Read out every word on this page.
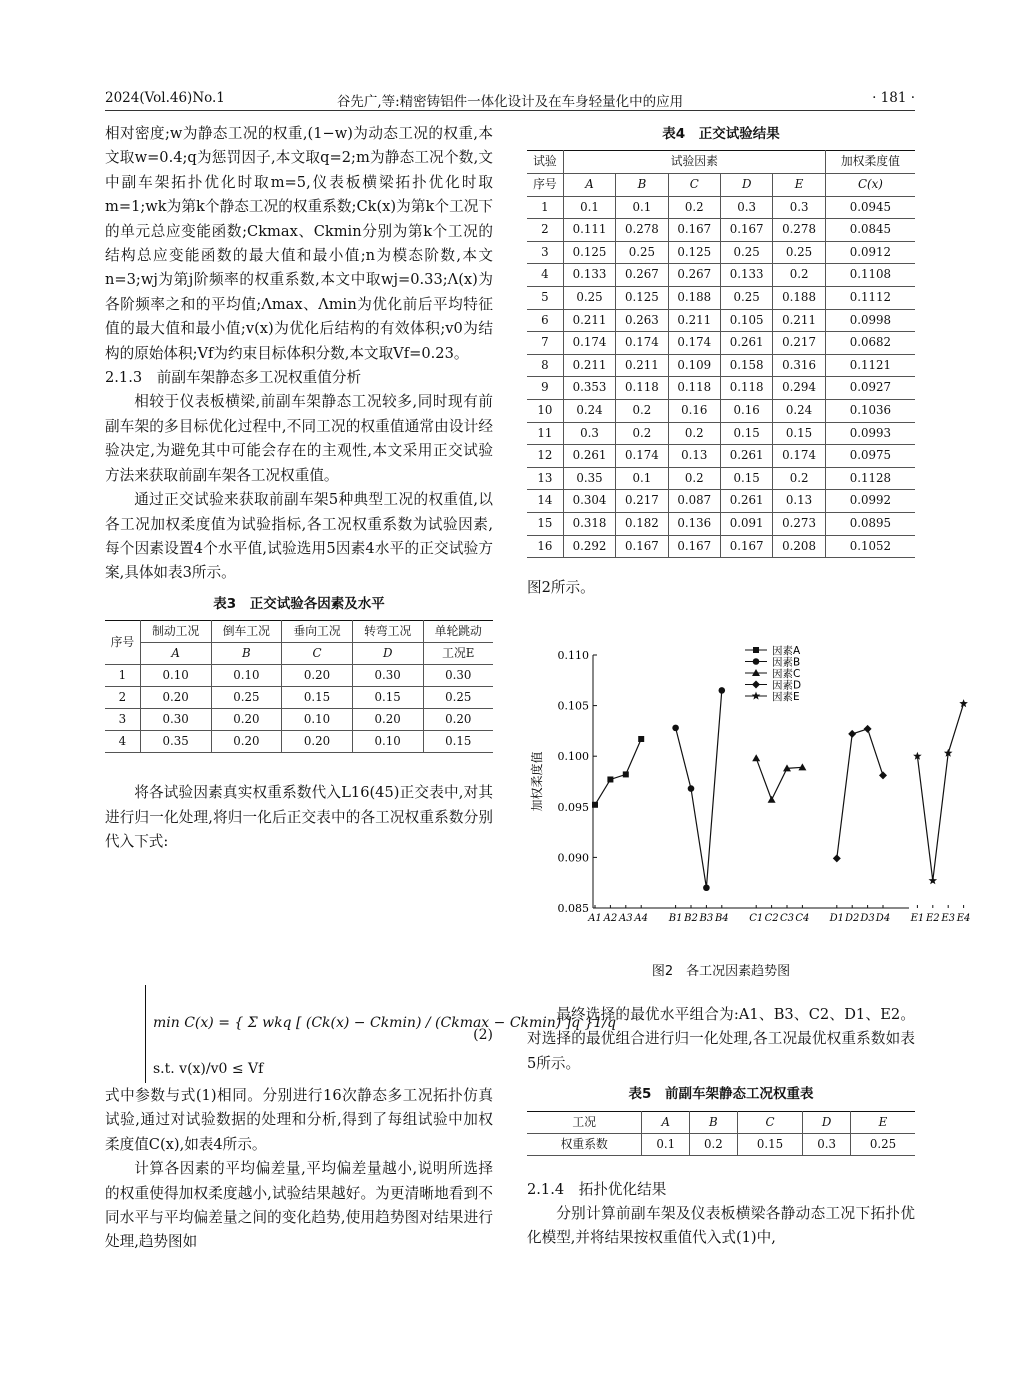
2024(Vol.46)No.1	谷先广,等:精密铸铝件一体化设计及在车身轻量化中的应用	· 181 ·

相对密度;w为静态工况的权重,(1−w)为动态工况的权重,本文取w=0.4;q为惩罚因子,本文取q=2;m为静态工况个数,文中副车架拓扑优化时取m=5,仪表板横梁拓扑优化时取m=1;wk为第k个静态工况的权重系数;Ck(x)为第k个工况下的单元总应变能函数;Ckmax、Ckmin分别为第k个工况的结构总应变能函数的最大值和最小值;n为模态阶数,本文n=3;wj为第j阶频率的权重系数,本文中取wj=0.33;Λ(x)为各阶频率之和的平均值;Λmax、Λmin为优化前后平均特征值的最大值和最小值;v(x)为优化后结构的有效体积;v0为结构的原始体积;Vf为约束目标体积分数,本文取Vf=0.23。

2.1.3　前副车架静态多工况权重值分析

相较于仪表板横梁,前副车架静态工况较多,同时现有前副车架的多目标优化过程中,不同工况的权重值通常由设计经验决定,为避免其中可能会存在的主观性,本文采用正交试验方法来获取前副车架各工况权重值。

通过正交试验来获取前副车架5种典型工况的权重值,以各工况加权柔度值为试验指标,各工况权重系数为试验因素,每个因素设置4个水平值,试验选用5因素4水平的正交试验方案,具体如表3所示。

表3　正交试验各因素及水平
序号	制动工况	倒车工况	垂向工况	转弯工况	单轮跳动
	A	B	C	D	工况E
1	0.10	0.10	0.20	0.30	0.30
2	0.20	0.25	0.15	0.15	0.25
3	0.30	0.20	0.10	0.20	0.20
4	0.35	0.20	0.20	0.10	0.15

将各试验因素真实权重系数代入L16(45)正交表中,对其进行归一化处理,将归一化后正交表中的各工况权重系数分别代入下式:

min C(x) = { Σ wkq [ (Ck(x) − Ckmin) / (Ckmax − Ckmin) ]q }1/q
s.t. v(x)/v0 ≤ Vf
(2)

式中参数与式(1)相同。分别进行16次静态多工况拓扑仿真试验,通过对试验数据的处理和分析,得到了每组试验中加权柔度值C(x),如表4所示。

计算各因素的平均偏差量,平均偏差量越小,说明所选择的权重使得加权柔度越小,试验结果越好。为更清晰地看到不同水平与平均偏差量之间的变化趋势,使用趋势图对结果进行处理,趋势图如

表4　正交试验结果
试验	试验因素					加权柔度值
序号	A	B	C	D	E	C(x)
1	0.1	0.1	0.2	0.3	0.3	0.0945
2	0.111	0.278	0.167	0.167	0.278	0.0845
3	0.125	0.25	0.125	0.25	0.25	0.0912
4	0.133	0.267	0.267	0.133	0.2	0.1108
5	0.25	0.125	0.188	0.25	0.188	0.1112
6	0.211	0.263	0.211	0.105	0.211	0.0998
7	0.174	0.174	0.174	0.261	0.217	0.0682
8	0.211	0.211	0.109	0.158	0.316	0.1121
9	0.353	0.118	0.118	0.118	0.294	0.0927
10	0.24	0.2	0.16	0.16	0.24	0.1036
11	0.3	0.2	0.2	0.15	0.15	0.0993
12	0.261	0.174	0.13	0.261	0.174	0.0975
13	0.35	0.1	0.2	0.15	0.2	0.1128
14	0.304	0.217	0.087	0.261	0.13	0.0992
15	0.318	0.182	0.136	0.091	0.273	0.0895
16	0.292	0.167	0.167	0.167	0.208	0.1052

图2所示。

0.085
0.090
0.095
0.100
0.105
0.110
加权柔度值
A1 A2 A3 A4 B1 B2 B3 B4 C1 C2 C3 C4 D1 D2 D3 D4 E1 E2 E3 E4
因素A
因素B
因素C
因素D
因素E
图2　各工况因素趋势图

最终选择的最优水平组合为:A1、B3、C2、D1、E2。对选择的最优组合进行归一化处理,各工况最优权重系数如表5所示。

表5　前副车架静态工况权重表
工况	A	B	C	D	E
权重系数	0.1	0.2	0.15	0.3	0.25

2.1.4　拓扑优化结果

分别计算前副车架及仪表板横梁各静动态工况下拓扑优化模型,并将结果按权重值代入式(1)中,
